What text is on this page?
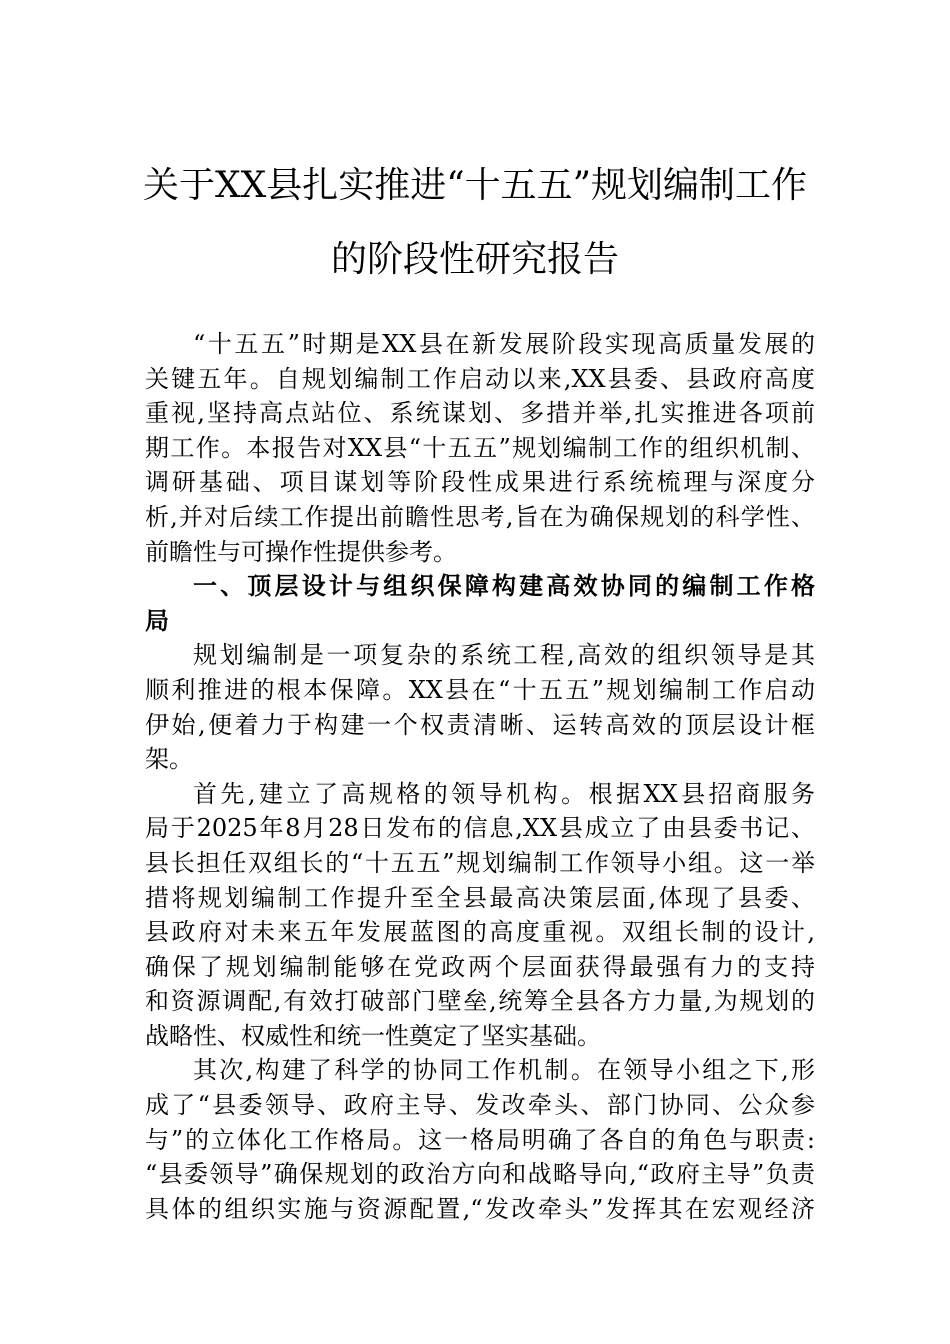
关于XX县扎实推进“十五五”规划编制工作
的阶段性研究报告
“十五五”时期是XX县在新发展阶段实现高质量发展的
关键五年。自规划编制工作启动以来,XX县委、县政府高度
重视,坚持高点站位、系统谋划、多措并举,扎实推进各项前
期工作。本报告对XX县“十五五”规划编制工作的组织机制、
调研基础、项目谋划等阶段性成果进行系统梳理与深度分
析,并对后续工作提出前瞻性思考,旨在为确保规划的科学性、
前瞻性与可操作性提供参考。
一、顶层设计与组织保障构建高效协同的编制工作格
局
规划编制是一项复杂的系统工程,高效的组织领导是其
顺利推进的根本保障。XX县在“十五五”规划编制工作启动
伊始,便着力于构建一个权责清晰、运转高效的顶层设计框
架。
首先,建立了高规格的领导机构。根据XX县招商服务
局于2025年8月28日发布的信息,XX县成立了由县委书记、
县长担任双组长的“十五五”规划编制工作领导小组。这一举
措将规划编制工作提升至全县最高决策层面,体现了县委、
县政府对未来五年发展蓝图的高度重视。双组长制的设计,
确保了规划编制能够在党政两个层面获得最强有力的支持
和资源调配,有效打破部门壁垒,统筹全县各方力量,为规划的
战略性、权威性和统一性奠定了坚实基础。
其次,构建了科学的协同工作机制。在领导小组之下,形
成了“县委领导、政府主导、发改牵头、部门协同、公众参
与”的立体化工作格局。这一格局明确了各自的角色与职责:
“县委领导”确保规划的政治方向和战略导向,“政府主导”负责
具体的组织实施与资源配置,“发改牵头”发挥其在宏观经济
